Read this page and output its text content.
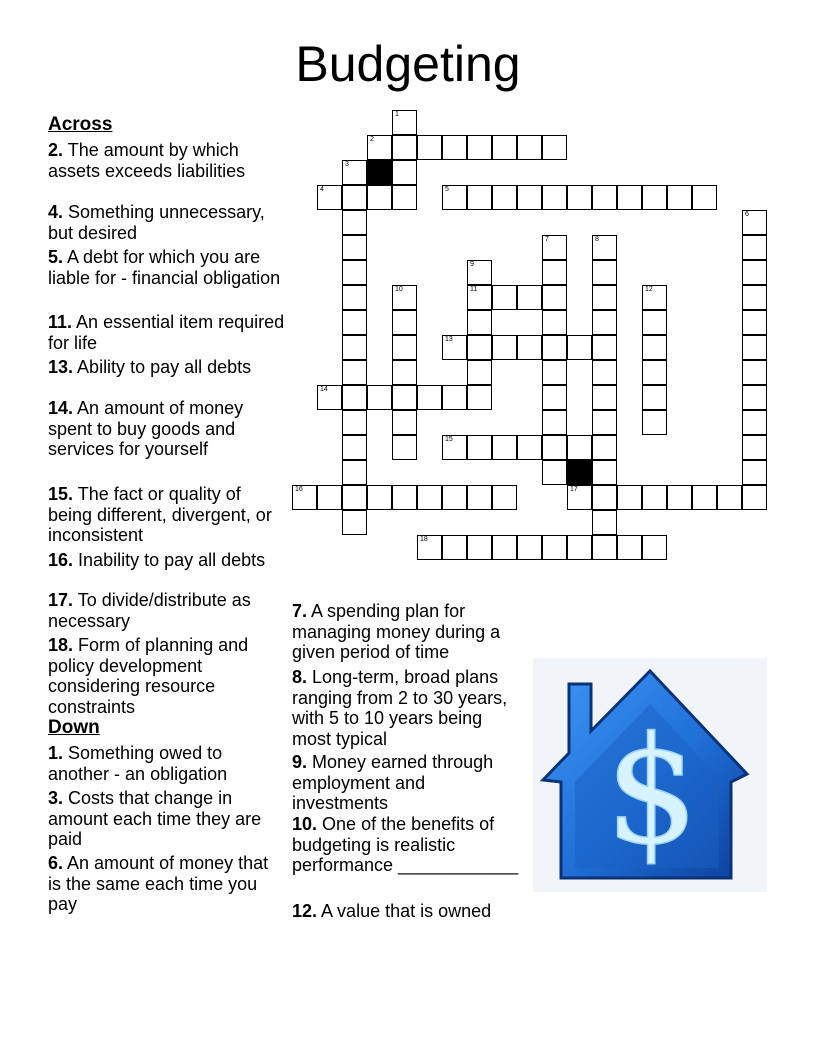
Budgeting
2
4	5
11
13
14
15
16	17
18
1
3
6
7	8
9
10	12
Across
2. The amount by which assets exceeds liabilities
4. Something unnecessary, but desired
5. A debt for which you are liable for - financial obligation
11. An essential item required for life
13. Ability to pay all debts
14. An amount of money spent to buy goods and services for yourself
15. The fact or quality of being different, divergent, or inconsistent
16. Inability to pay all debts
17. To divide/distribute as necessary
18. Form of planning and policy development considering resource constraints
Down
1. Something owed to another - an obligation
3. Costs that change in amount each time they are paid
6. An amount of money that is the same each time you pay
7. A spending plan for managing money during a given period of time
8. Long-term, broad plans ranging from 2 to 30 years, with 5 to 10 years being most typical
9. Money earned through employment and investments
10. One of the benefits of budgeting is realistic performance ____________
12. A value that is owned
$
